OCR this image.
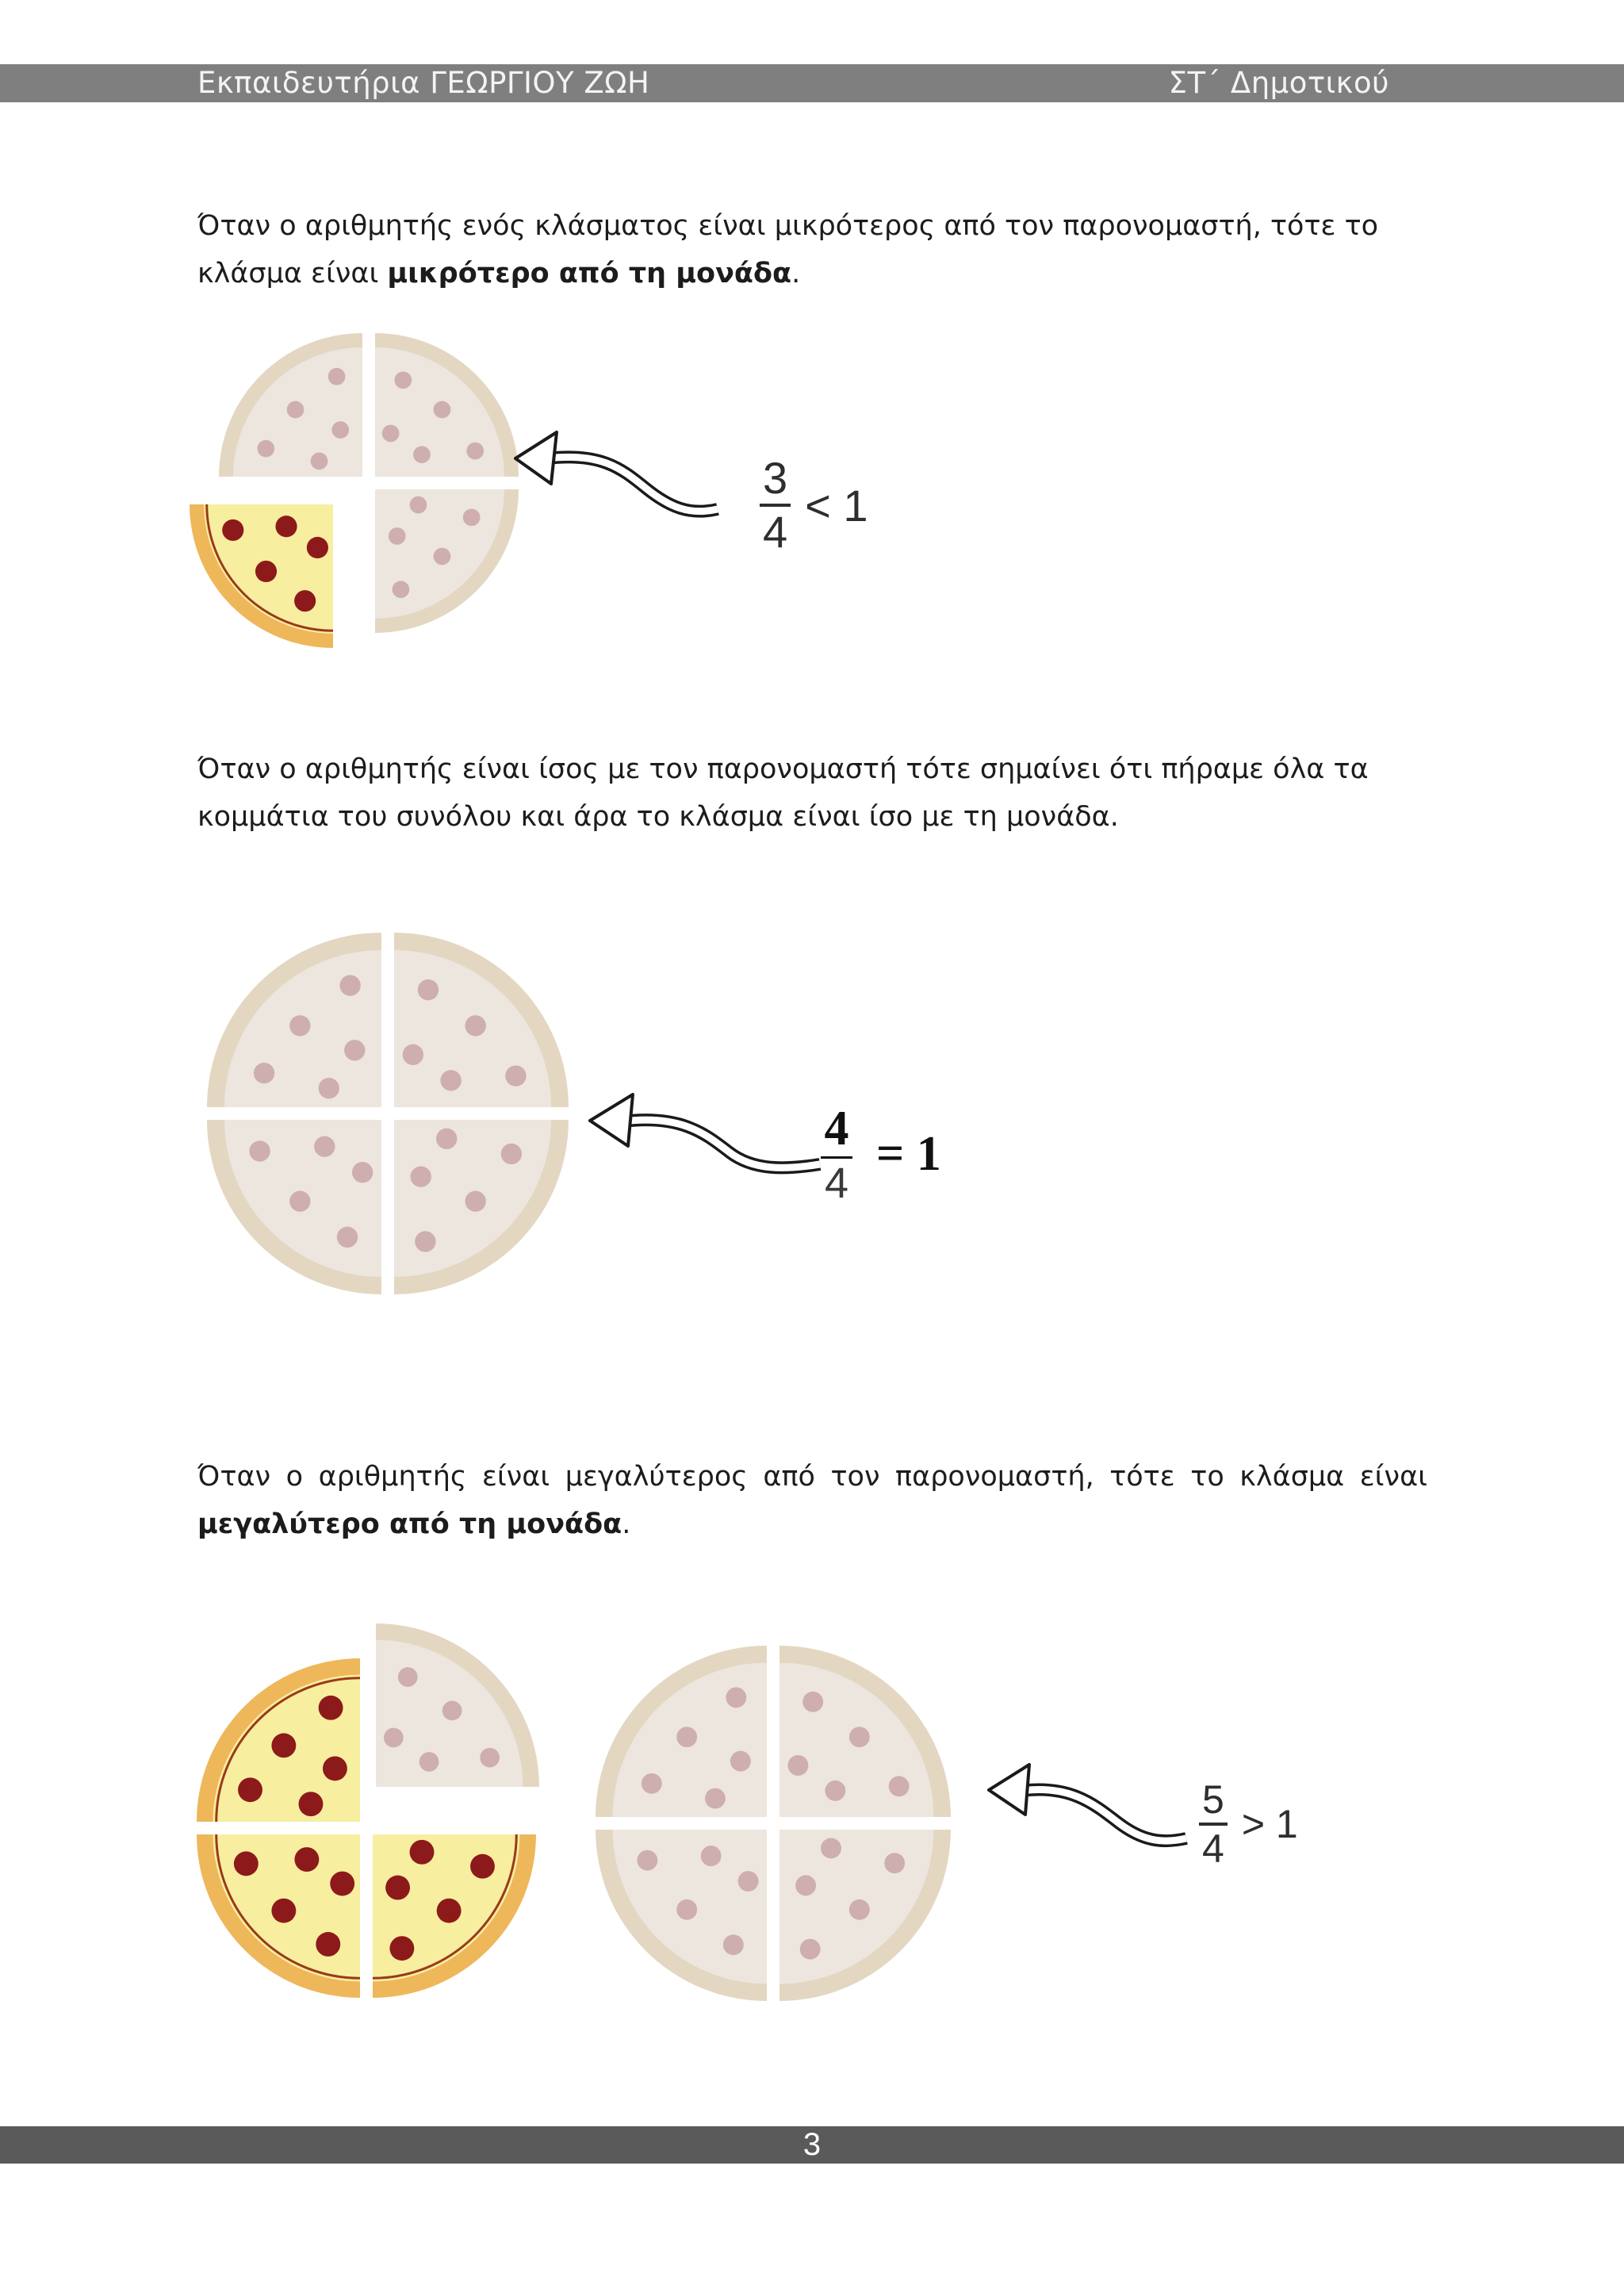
Εκπαιδευτήρια ΓΕΩΡΓΙΟΥ ΖΩΗ	ΣΤ΄ Δημοτικού

Όταν ο αριθμητής ενός κλάσματος είναι μικρότερος από τον παρονομαστή, τότε το κλάσμα είναι μικρότερο από τη μονάδα.

$\frac{3}{4} < 1$

Όταν ο αριθμητής είναι ίσος με τον παρονομαστή τότε σημαίνει ότι πήραμε όλα τα κομμάτια του συνόλου και άρα το κλάσμα είναι ίσο με τη μονάδα.

$\frac{4}{4} = 1$

Όταν ο αριθμητής είναι μεγαλύτερος από τον παρονομαστή, τότε το κλάσμα είναι μεγαλύτερο από τη μονάδα.

$\frac{5}{4} > 1$
3
